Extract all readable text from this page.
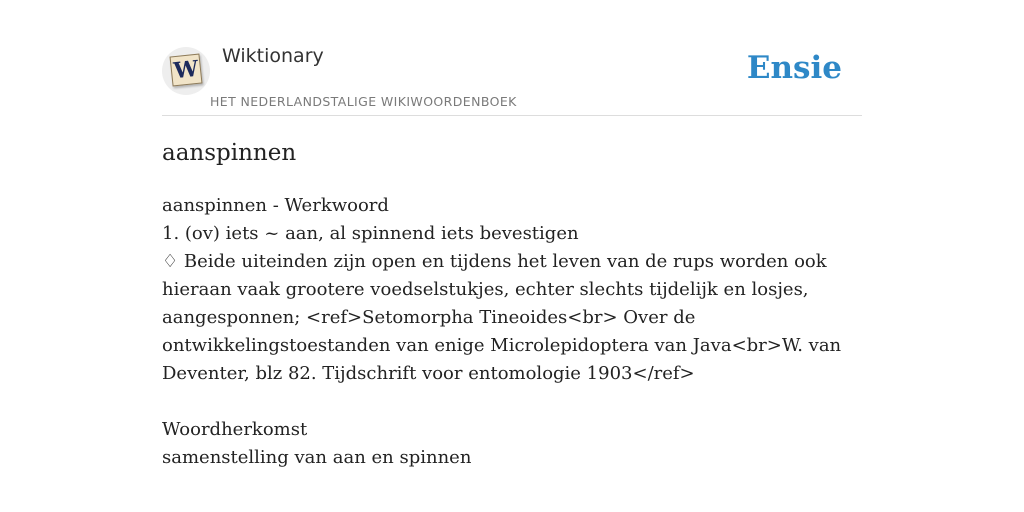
W Wiktionary
HET NEDERLANDSTALIGE WIKIWOORDENBOEK
Ensie
aanspinnen

aanspinnen - Werkwoord

1. (ov) iets ~ aan, al spinnend iets bevestigen

♢ Beide uiteinden zijn open en tijdens het leven van de rups worden ook hieraan vaak grootere voedselstukjes, echter slechts tijdelijk en losjes, aangesponnen; <ref>Setomorpha Tineoides<br> Over de ontwikkelingstoestanden van enige Microlepidoptera van Java<br>W. van Deventer, blz 82. Tijdschrift voor entomologie 1903</ref>

Woordherkomst

samenstelling van aan en spinnen
